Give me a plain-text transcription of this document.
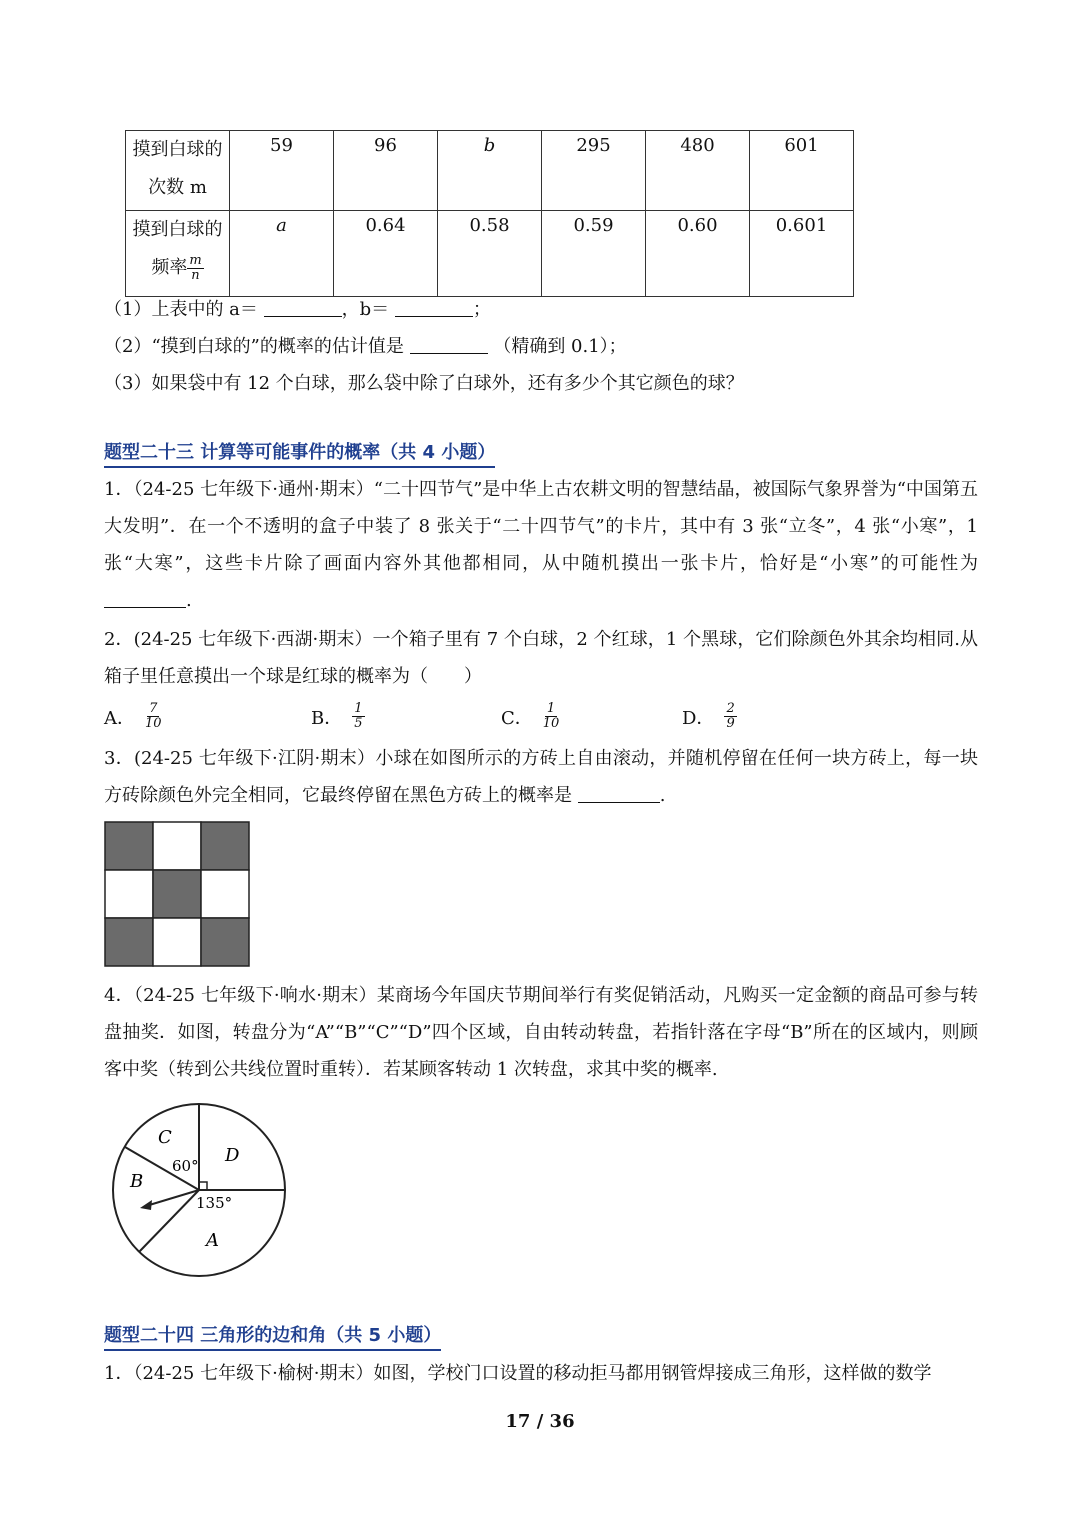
摸到白球的
次数 m	59	96	b	295	480	601

摸到白球的
频率 $\frac{m}{n}$	a	0.64	0.58	0.59	0.60	0.601
（1）上表中的 a＝	，b＝	；
（2）“摸到白球的”的概率的估计值是	（精确到 0.1）；
（3）如果袋中有 12 个白球，那么袋中除了白球外，还有多少个其它颜色的球？
题型二十三 计算等可能事件的概率（共 4 小题）
1．（24-25 七年级下·通州·期末）“二十四节气”是中华上古农耕文明的智慧结晶，被国际气象界誉为“中国第五大发明”．在一个不透明的盒子中装了 8 张关于“二十四节气”的卡片，其中有 3 张“立冬”，4 张“小寒”，1 张“大寒”，这些卡片除了画面内容外其他都相同，从中随机摸出一张卡片，恰好是“小寒”的可能性为 .
2．(24-25 七年级下·西湖·期末）一个箱子里有 7 个白球，2 个红球，1 个黑球，它们除颜色外其余均相同.从箱子里任意摸出一个球是红球的概率为（　　）
A． $\frac{7}{10}$	B． $\frac{1}{5}$	C． $\frac{1}{10}$	D． $\frac{2}{9}$
3．(24-25 七年级下·江阴·期末）小球在如图所示的方砖上自由滚动，并随机停留在任何一块方砖上，每一块方砖除颜色外完全相同，它最终停留在黑色方砖上的概率是	.
4．（24-25 七年级下·响水·期末）某商场今年国庆节期间举行有奖促销活动，凡购买一定金额的商品可参与转盘抽奖．如图，转盘分为“A”“B”“C”“D”四个区域，自由转动转盘，若指针落在字母“B”所在的区域内，则顾客中奖（转到公共线位置时重转）．若某顾客转动 1 次转盘，求其中奖的概率.
C
D
B
A
60°
135°
题型二十四 三角形的边和角（共 5 小题）
1．（24-25 七年级下·榆树·期末）如图，学校门口设置的移动拒马都用钢管焊接成三角形，这样做的数学
17 / 36
